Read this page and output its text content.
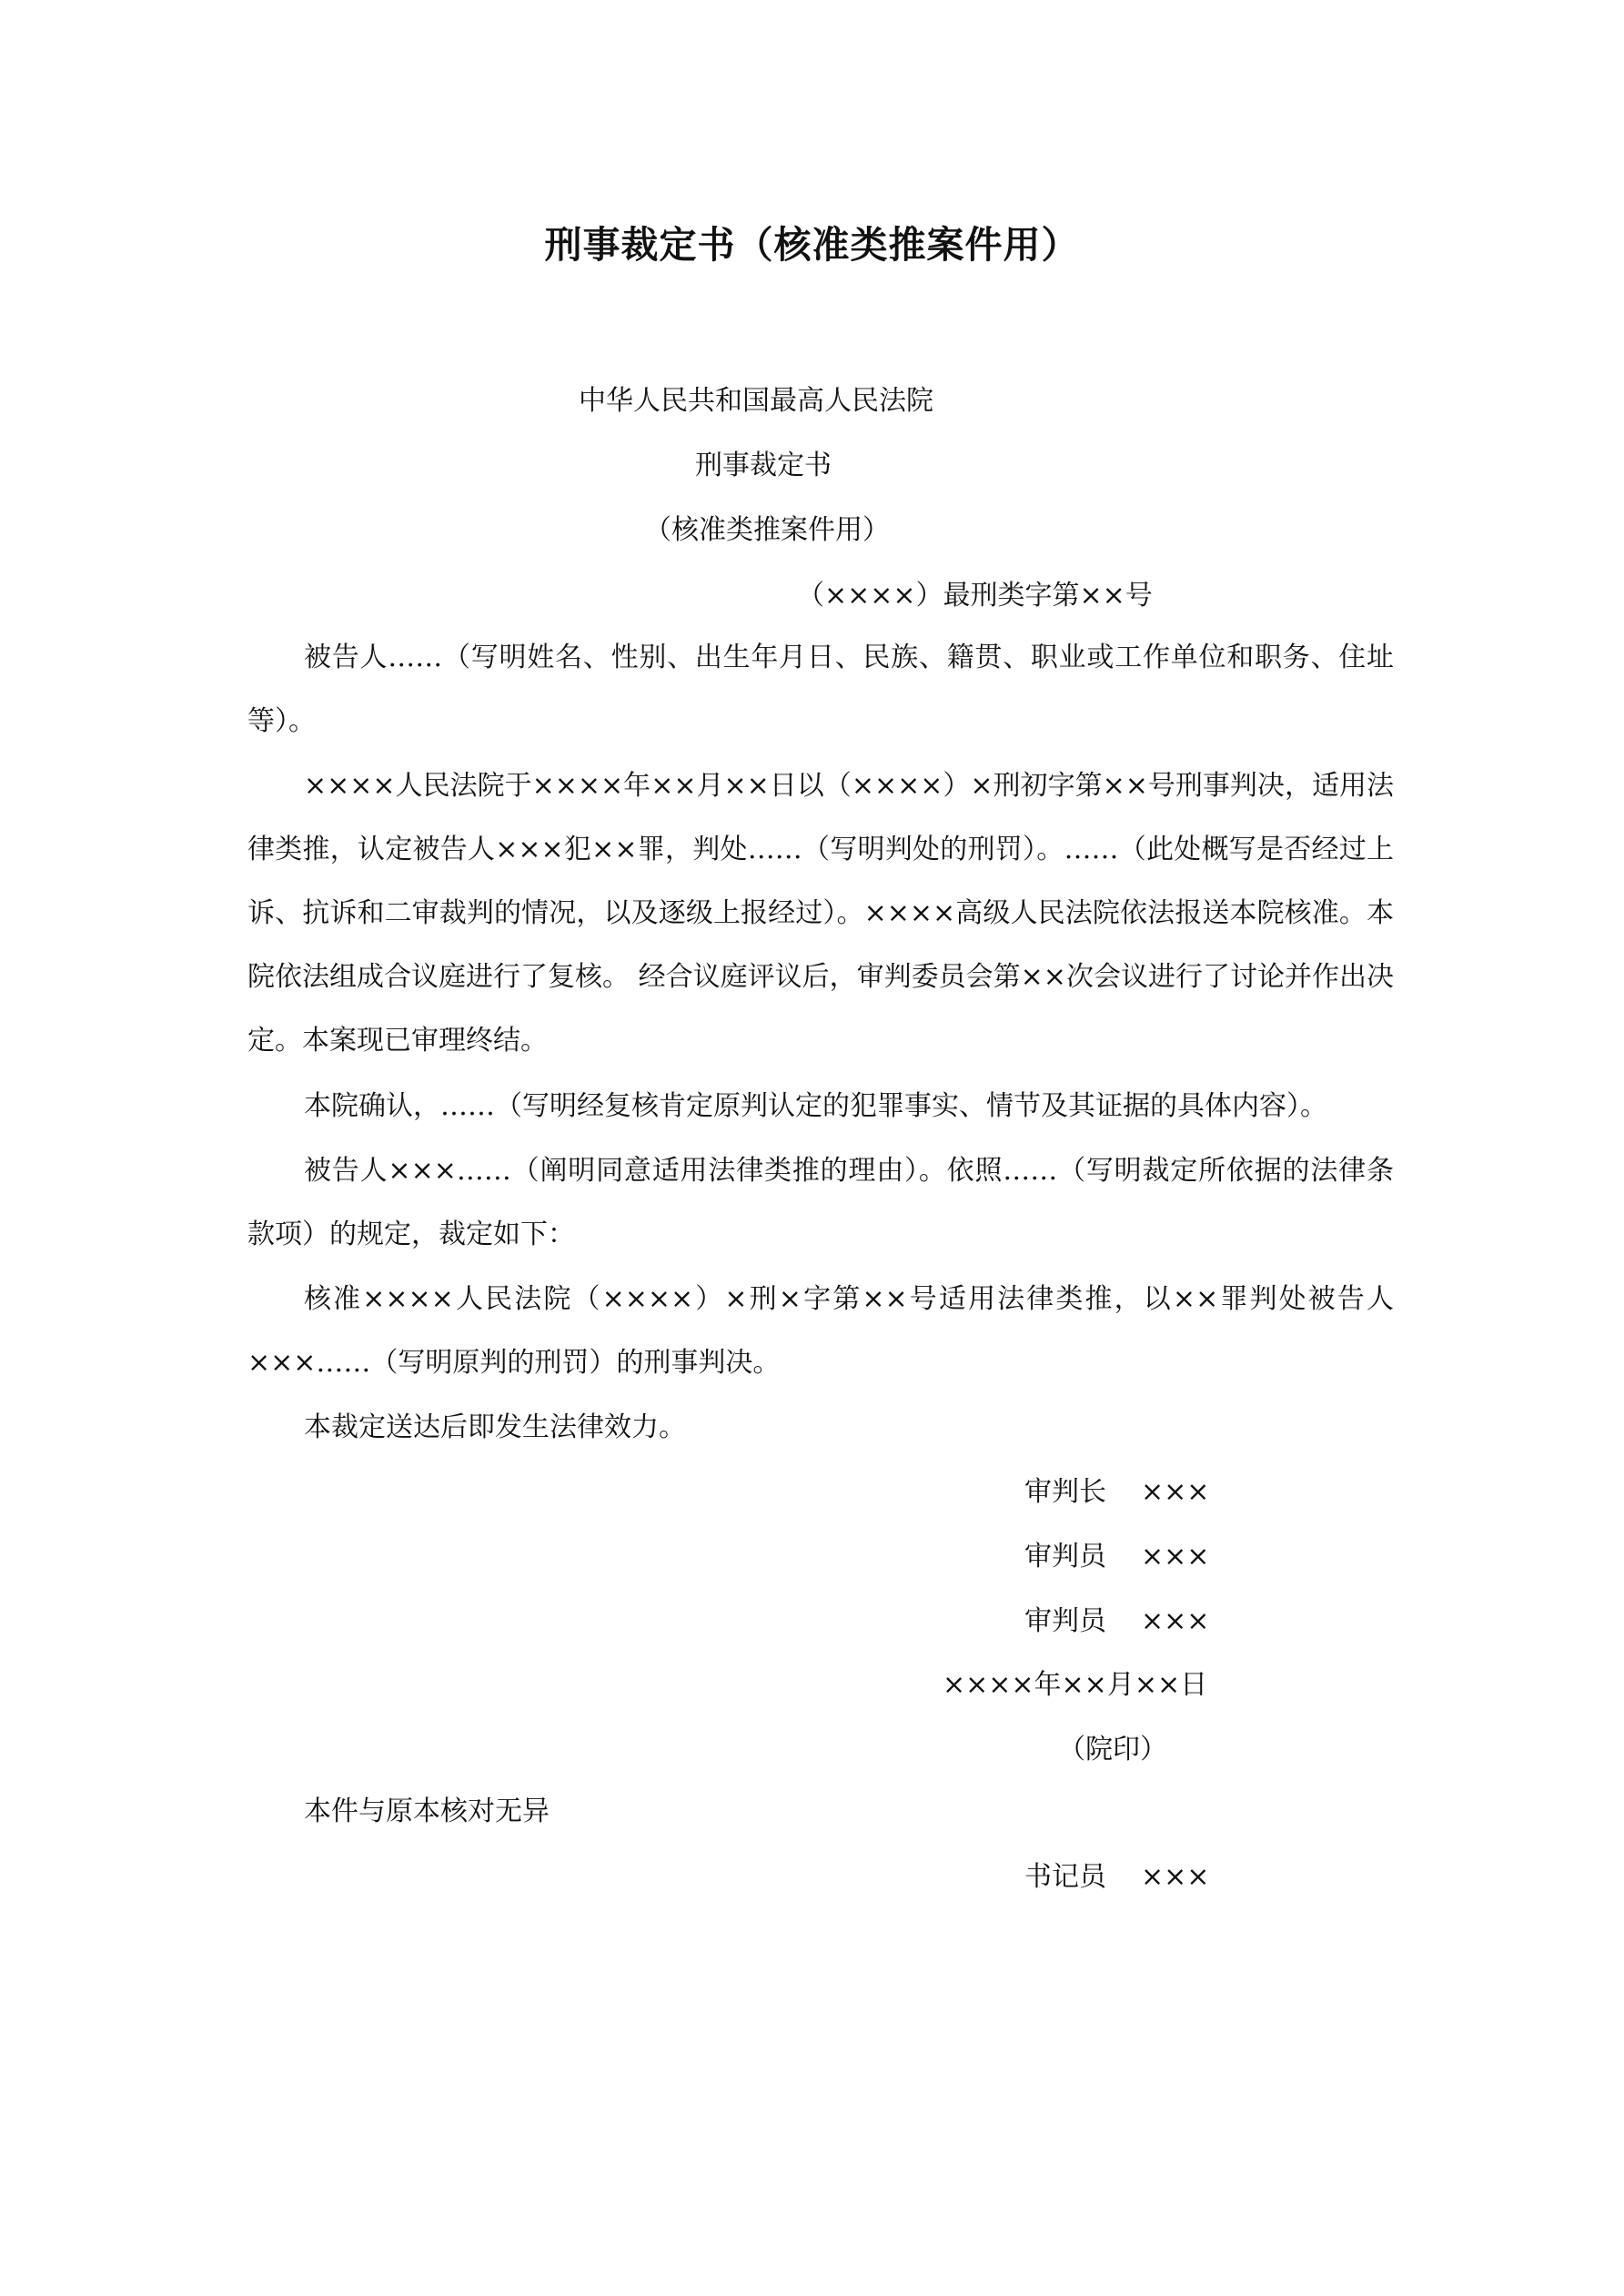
刑事裁定书（核准类推案件用）
中华人民共和国最高人民法院
刑事裁定书
（核准类推案件用）
（××××）最刑类字第××号

被告人……（写明姓名、性别、出生年月日、民族、籍贯、职业或工作单位和职务、住址等）。

××××人民法院于××××年××月××日以（××××）×刑初字第××号刑事判决，适用法律类推，认定被告人×××犯××罪，判处……（写明判处的刑罚）。……（此处概写是否经过上诉、抗诉和二审裁判的情况，以及逐级上报经过）。××××高级人民法院依法报送本院核准。本院依法组成合议庭进行了复核。 经合议庭评议后，审判委员会第××次会议进行了讨论并作出决定。本案现已审理终结。

本院确认，……（写明经复核肯定原判认定的犯罪事实、情节及其证据的具体内容）。

被告人×××……（阐明同意适用法律类推的理由）。依照……（写明裁定所依据的法律条款项）的规定，裁定如下：

核准××××人民法院（××××）×刑×字第××号适用法律类推，以××罪判处被告人×××……（写明原判的刑罚）的刑事判决。

本裁定送达后即发生法律效力。

审判长 ×××
审判员 ×××
审判员 ×××
××××年××月××日
（院印）

本件与原本核对无异

书记员 ×××
